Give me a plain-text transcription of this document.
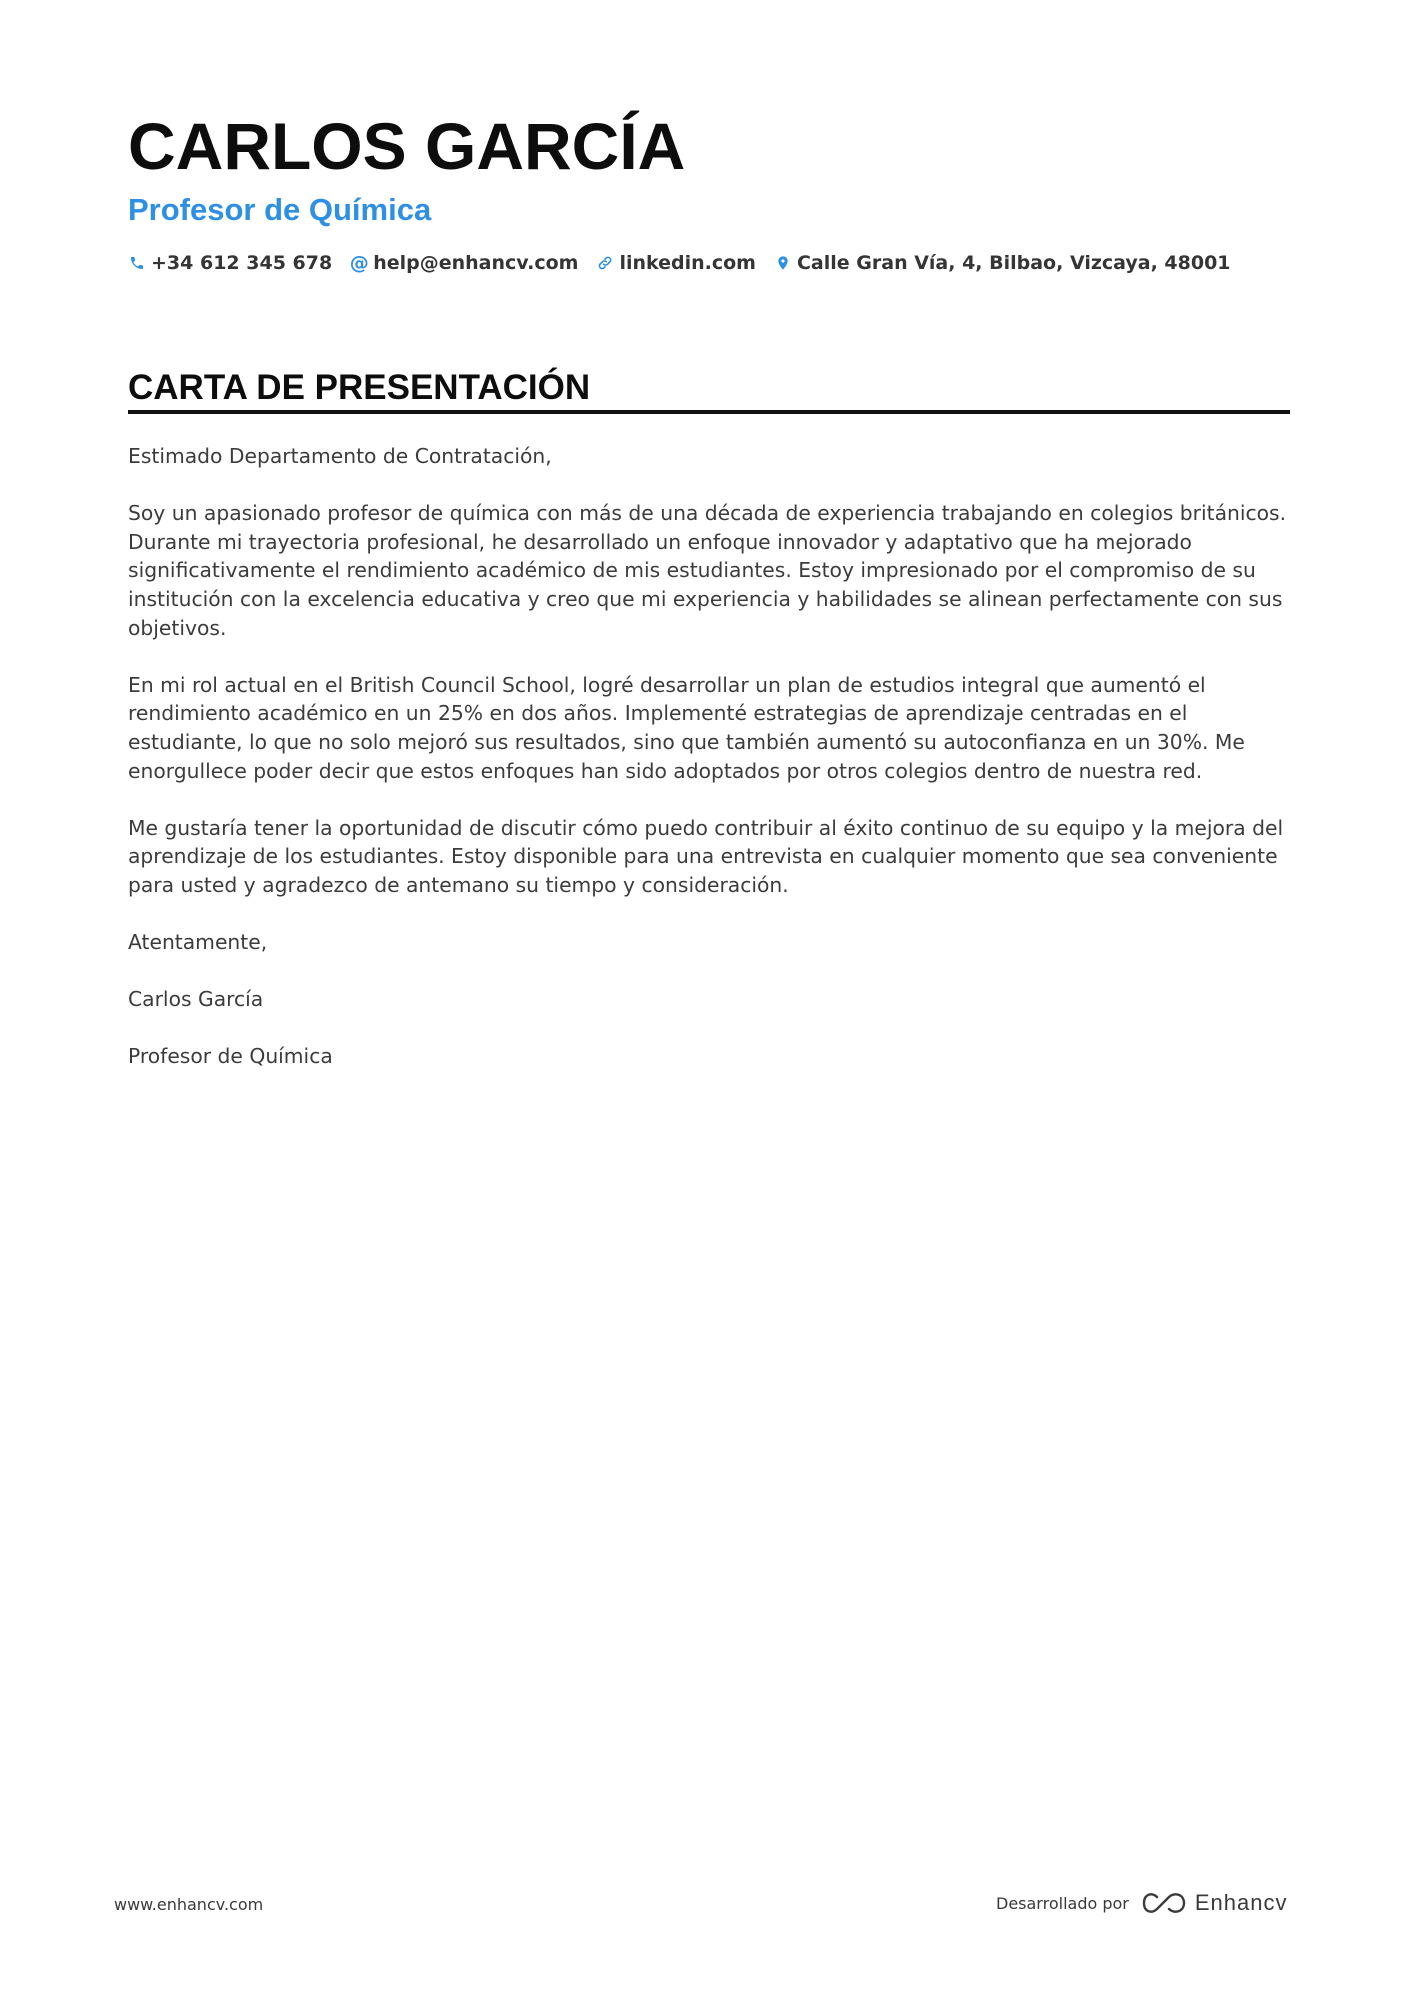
CARLOS GARCÍA
Profesor de Química
+34 612 345 678 @ help@enhancv.com linkedin.com Calle Gran Vía, 4, Bilbao, Vizcaya, 48001
CARTA DE PRESENTACIÓN

Estimado Departamento de Contratación,

Soy un apasionado profesor de química con más de una década de experiencia trabajando en colegios británicos. Durante mi trayectoria profesional, he desarrollado un enfoque innovador y adaptativo que ha mejorado significativamente el rendimiento académico de mis estudiantes. Estoy impresionado por el compromiso de su institución con la excelencia educativa y creo que mi experiencia y habilidades se alinean perfectamente con sus objetivos.

En mi rol actual en el British Council School, logré desarrollar un plan de estudios integral que aumentó el rendimiento académico en un 25% en dos años. Implementé estrategias de aprendizaje centradas en el estudiante, lo que no solo mejoró sus resultados, sino que también aumentó su autoconfianza en un 30%. Me enorgullece poder decir que estos enfoques han sido adoptados por otros colegios dentro de nuestra red.

Me gustaría tener la oportunidad de discutir cómo puedo contribuir al éxito continuo de su equipo y la mejora del aprendizaje de los estudiantes. Estoy disponible para una entrevista en cualquier momento que sea conveniente para usted y agradezco de antemano su tiempo y consideración.

Atentamente,

Carlos García

Profesor de Química

www.enhancv.com	Desarrollado por	Enhancv
